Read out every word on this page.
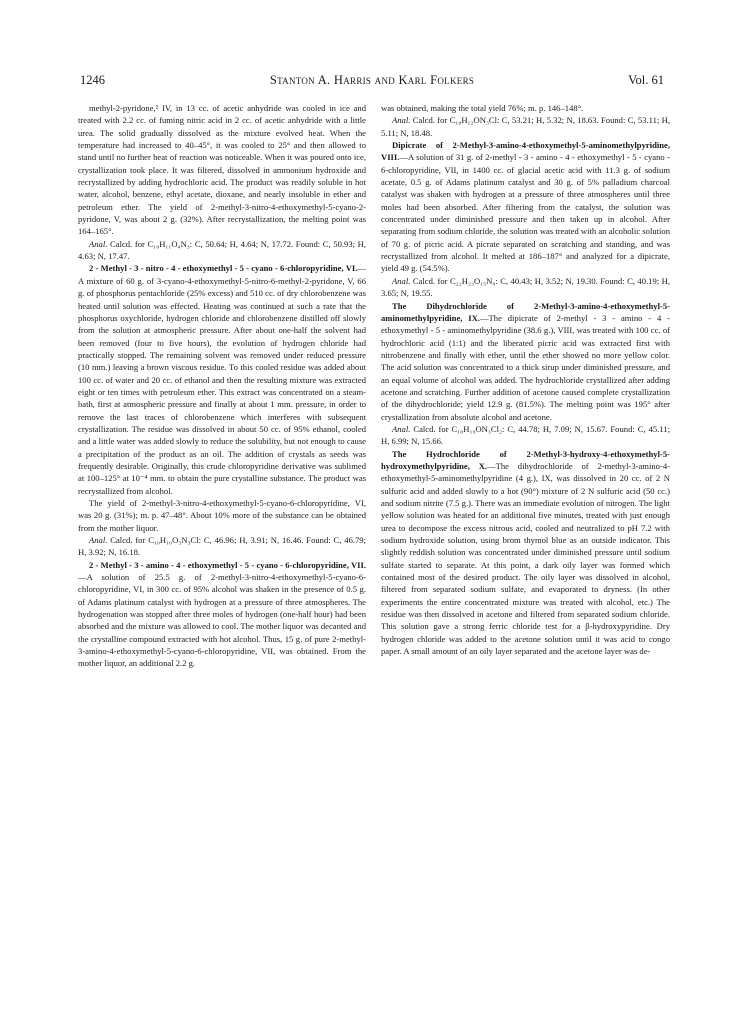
1246	Stanton A. Harris and Karl Folkers	Vol. 61

methyl-2-pyridone,² IV, in 13 cc. of acetic anhydride was cooled in ice and treated with 2.2 cc. of fuming nitric acid in 2 cc. of acetic anhydride with a little urea. The solid gradually dissolved as the mixture evolved heat. When the temperature had increased to 40–45°, it was cooled to 25° and then allowed to stand until no further heat of reaction was noticeable. When it was poured onto ice, crystallization took place. It was filtered, dissolved in ammonium hydroxide and recrystallized by adding hydrochloric acid. The product was readily soluble in hot water, alcohol, benzene, ethyl acetate, dioxane, and nearly insoluble in ether and petroleum ether. The yield of 2-methyl-3-nitro-4-ethoxymethyl-5-cyano-2-pyridone, V, was about 2 g. (32%). After recrystallization, the melting point was 164–165°.

Anal. Calcd. for C₁₀H₁₁O₄N₃: C, 50.64; H, 4.64; N, 17.72. Found: C, 50.93; H, 4.63; N, 17.47.

2 - Methyl - 3 - nitro - 4 - ethoxymethyl - 5 - cyano - 6-chloropyridine, VI.—A mixture of 60 g. of 3-cyano-4-ethoxymethyl-5-nitro-6-methyl-2-pyridone, V, 66 g. of phosphorus pentachloride (25% excess) and 510 cc. of dry chlorobenzene was heated until solution was effected. Heating was continued at such a rate that the phosphorus oxychloride, hydrogen chloride and chlorobenzene distilled off slowly from the solution at atmospheric pressure. After about one-half the solvent had been removed (four to five hours), the evolution of hydrogen chloride had practically stopped. The remaining solvent was removed under reduced pressure (10 mm.) leaving a brown viscous residue. To this cooled residue was added about 100 cc. of water and 20 cc. of ethanol and then the resulting mixture was extracted eight or ten times with petroleum ether. This extract was concentrated on a steam-bath, first at atmospheric pressure and finally at about 1 mm. pressure, in order to remove the last traces of chlorobenzene which interferes with subsequent crystallization. The residue was dissolved in about 50 cc. of 95% ethanol, cooled and a little water was added slowly to reduce the solubility, but not enough to cause a precipitation of the product as an oil. The addition of crystals as seeds was frequently desirable. Originally, this crude chloropyridine derivative was sublimed at 100–125° at 10⁻⁴ mm. to obtain the pure crystalline substance. The product was recrystallized from alcohol.

The yield of 2-methyl-3-nitro-4-ethoxymethyl-5-cyano-6-chloropyridine, VI, was 20 g. (31%); m. p. 47–48°. About 10% more of the substance can be obtained from the mother liquor.

Anal. Calcd. for C₁₀H₁₀O₃N₃Cl: C, 46.96; H, 3.91; N, 16.46. Found: C, 46.79; H, 3.92; N, 16.18.

2 - Methyl - 3 - amino - 4 - ethoxymethyl - 5 - cyano - 6-chloropyridine, VII.—A solution of 25.5 g. of 2-methyl-3-nitro-4-ethoxymethyl-5-cyano-6-chloropyridine, VI, in 300 cc. of 95% alcohol was shaken in the presence of 0.5 g. of Adams platinum catalyst with hydrogen at a pressure of three atmospheres. The hydrogenation was stopped after three moles of hydrogen (one-half hour) had been absorbed and the mixture was allowed to cool. The mother liquor was decanted and the crystalline compound extracted with hot alcohol. Thus, 15 g. of pure 2-methyl-3-amino-4-ethoxymethyl-5-cyano-6-chloropyridine, VII, was obtained. From the mother liquor, an additional 2.2 g.

was obtained, making the total yield 76%; m. p. 146–148°.

Anal. Calcd. for C₁₀H₁₂ON₃Cl: C, 53.21; H, 5.32; N, 18.63. Found: C, 53.11; H, 5.11; N, 18.48.

Dipicrate of 2-Methyl-3-amino-4-ethoxymethyl-5-aminomethylpyridine, VIII.—A solution of 31 g. of 2-methyl - 3 - amino - 4 - ethoxymethyl - 5 - cyano - 6-chloropyridine, VII, in 1400 cc. of glacial acetic acid with 11.3 g. of sodium acetate, 0.5 g. of Adams platinum catalyst and 30 g. of 5% palladium charcoal catalyst was shaken with hydrogen at a pressure of three atmospheres until three moles had been absorbed. After filtering from the catalyst, the solution was concentrated under diminished pressure and then taken up in alcohol. After separating from sodium chloride, the solution was treated with an alcoholic solution of 70 g. of picric acid. A picrate separated on scratching and standing, and was recrystallized from alcohol. It melted at 186–187° and analyzed for a dipicrate, yield 49 g. (54.5%).

Anal. Calcd. for C₂₂H₂₃O₁₅N₉: C, 40.43; H, 3.52; N, 19.30. Found: C, 40.19; H, 3.65; N, 19.55.

The Dihydrochloride of 2-Methyl-3-amino-4-ethoxymethyl-5-aminomethylpyridine, IX.—The dipicrate of 2-methyl - 3 - amino - 4 - ethoxymethyl - 5 - aminomethylpyridine (38.6 g.), VIII, was treated with 100 cc. of hydrochloric acid (1:1) and the liberated picric acid was extracted first with nitrobenzene and finally with ether, until the ether showed no more yellow color. The acid solution was concentrated to a thick sirup under diminished pressure, and an equal volume of alcohol was added. The hydrochloride crystallized after adding acetone and scratching. Further addition of acetone caused complete crystallization of the dihydrochloride; yield 12.9 g. (81.5%). The melting point was 195° after crystallization from absolute alcohol and acetone.

Anal. Calcd. for C₁₀H₁₉ON₃Cl₂: C, 44.78; H, 7.09; N, 15.67. Found: C, 45.11; H, 6.99; N, 15.66.

The Hydrochloride of 2-Methyl-3-hydroxy-4-ethoxymethyl-5-hydroxymethylpyridine, X.—The dihydrochloride of 2-methyl-3-amino-4-ethoxymethyl-5-aminomethylpyridine (4 g.), IX, was dissolved in 20 cc. of 2 N sulfuric acid and added slowly to a hot (90°) mixture of 2 N sulfuric acid (50 cc.) and sodium nitrite (7.5 g.). There was an immediate evolution of nitrogen. The light yellow solution was heated for an additional five minutes, treated with just enough urea to decompose the excess nitrous acid, cooled and neutralized to pH 7.2 with sodium hydroxide solution, using brom thymol blue as an outside indicator. This slightly reddish solution was concentrated under diminished pressure until sodium sulfate started to separate. At this point, a dark oily layer was formed which contained most of the desired product. The oily layer was dissolved in alcohol, filtered from separated sodium sulfate, and evaporated to dryness. (In other experiments the entire concentrated mixture was treated with alcohol, etc.) The residue was then dissolved in acetone and filtered from separated sodium chloride. This solution gave a strong ferric chloride test for a β-hydroxypyridine. Dry hydrogen chloride was added to the acetone solution until it was acid to congo paper. A small amount of an oily layer separated and the acetone layer was de-
